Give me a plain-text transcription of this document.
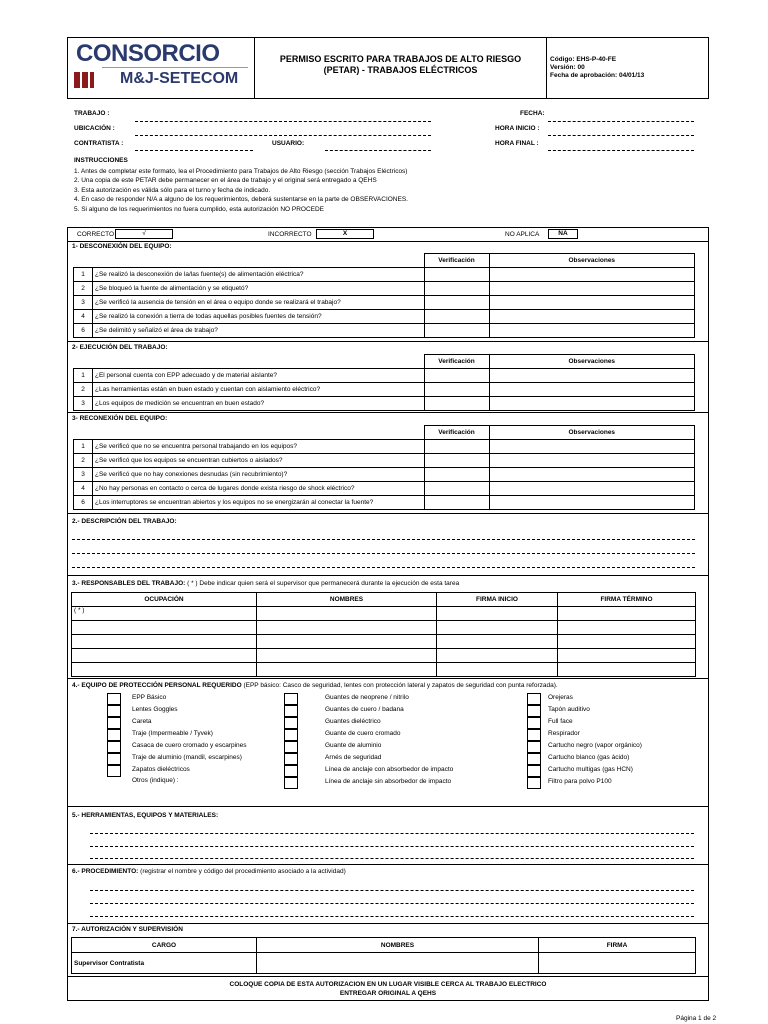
CONSORCIO
M&J-SETECOM
PERMISO ESCRITO PARA TRABAJOS DE ALTO RIESGO
(PETAR) - TRABAJOS ELÉCTRICOS
Código: EHS-P-40-FE
Versión: 00
Fecha de aprobación: 04/01/13
TRABAJO :
UBICACIÓN :
CONTRATISTA :	USUARIO:
FECHA:
HORA INICIO :
HORA FINAL :
INSTRUCCIONES
1. Antes de completar este formato, lea el Procedimiento para Trabajos de Alto Riesgo (sección Trabajos Eléctricos)
2. Una copia de este PETAR debe permanecer en el área de trabajo y el original será entregado a QEHS
3. Esta autorización es válida sólo para el turno y fecha de indicado.
4. En caso de responder N/A a alguno de los requerimientos, deberá sustentarse en la parte de OBSERVACIONES.
5. Si alguno de los requerimientos no fuera cumplido, esta autorización NO PROCEDE
CORRECTO	√	INCORRECTO	X	NO APLICA	NA
1- DESCONEXIÓN DEL EQUIPO:
		Verificación	Observaciones
1	¿Se realizó la desconexión de la/las fuente(s) de alimentación eléctrica?		
2	¿Se bloqueó la fuente de alimentación y se etiquetó?		
3	¿Se verificó la ausencia de tensión en el área o equipo donde se realizará el trabajo?		
4	¿Se realizó la conexión a tierra de todas aquellas posibles fuentes de tensión?		
6	¿Se delimitó y señalizó el área de trabajo?		
2- EJECUCIÓN DEL TRABAJO:
		Verificación	Observaciones
1	¿El personal cuenta con EPP adecuado y de material aislante?		
2	¿Las herramientas están en buen estado y cuentan con aislamiento eléctrico?		
3	¿Los equipos de medición se encuentran en buen estado?		
3- RECONEXIÓN DEL EQUIPO:
		Verificación	Observaciones
1	¿Se verificó que no se encuentra personal trabajando en los equipos?		
2	¿Se verificó que los equipos se encuentran cubiertos o aislados?		
3	¿Se verificó que no hay conexiones desnudas (sin recubrimiento)?		
4	¿No hay personas en contacto o cerca de lugares donde exista riesgo de shock eléctrico?		
6	¿Los interruptores se encuentran abiertos y los equipos no se energizarán al conectar la fuente?		
2.- DESCRIPCIÓN DEL TRABAJO:
3.- RESPONSABLES DEL TRABAJO: ( * ) Debe indicar quien será el supervisor que permanecerá durante la ejecución de esta tarea
OCUPACIÓN	NOMBRES	FIRMA INICIO	FIRMA TÉRMINO
( * )			

4.- EQUIPO DE PROTECCIÓN PERSONAL REQUERIDO (EPP básico: Casco de seguridad, lentes con protección lateral y zapatos de seguridad con punta reforzada).
EPP Básico
Lentes Goggles
Careta
Traje (Impermeable / Tyvek)
Casaca de cuero cromado y escarpines
Traje de aluminio (mandil, escarpines)
Zapatos dieléctricos
Otros (indique) :
Guantes de neoprene / nitrilo
Guantes de cuero / badana
Guantes dieléctrico
Guante de cuero cromado
Guante de aluminio
Arnés de seguridad
Línea de anclaje con absorbedor de impacto
Línea de anclaje sin absorbedor de impacto
Orejeras
Tapón auditivo
Full face
Respirador
Cartucho negro (vapor orgánico)
Cartucho blanco (gas ácido)
Cartucho multigas (gas HCN)
Filtro para polvo P100
5.- HERRAMIENTAS, EQUIPOS Y MATERIALES:
6.- PROCEDIMIENTO: (registrar el nombre y código del procedimiento asociado a la actividad)
7.- AUTORIZACIÓN Y SUPERVISIÓN
CARGO	NOMBRES	FIRMA
Supervisor Contratista		
COLOQUE COPIA DE ESTA AUTORIZACION EN UN LUGAR VISIBLE CERCA AL TRABAJO ELECTRICO
ENTREGAR ORIGINAL A QEHS
Página 1 de 2
